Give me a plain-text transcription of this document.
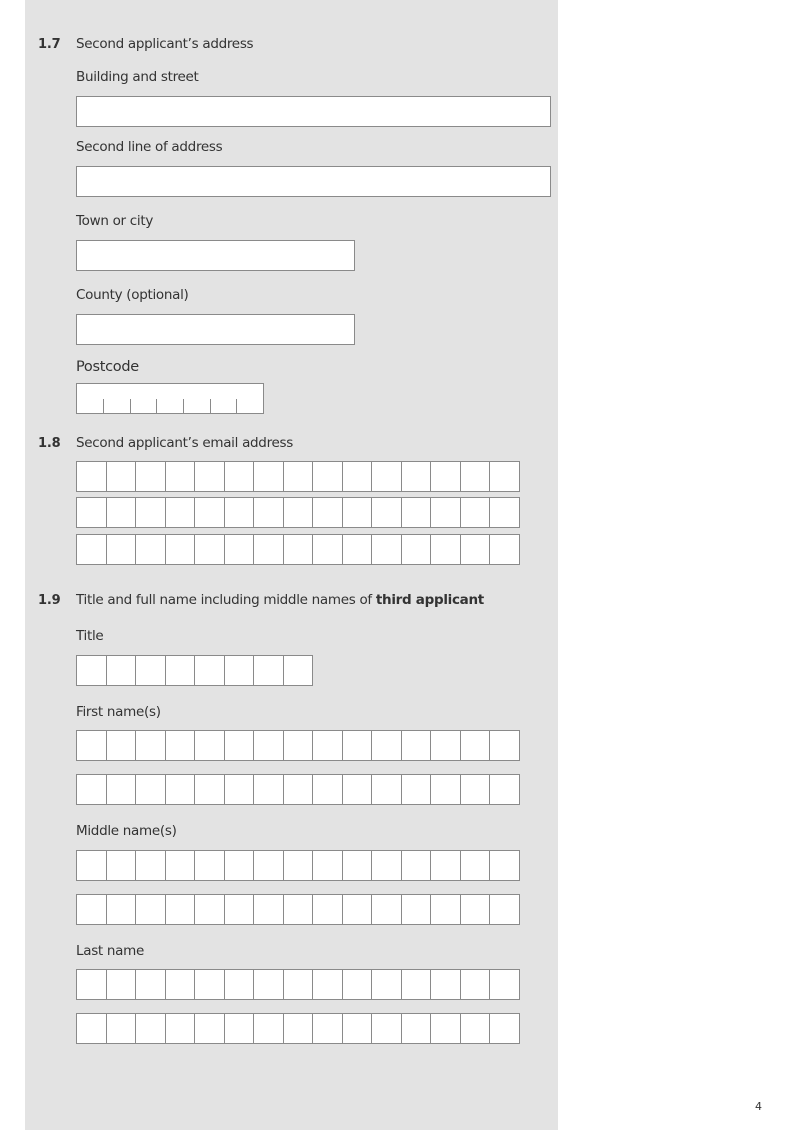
1.7 Second applicant’s address
Building and street
Second line of address
Town or city
County (optional)
Postcode
1.8 Second applicant’s email address
1.9 Title and full name including middle names of third applicant
Title
First name(s)
Middle name(s)
Last name
4
